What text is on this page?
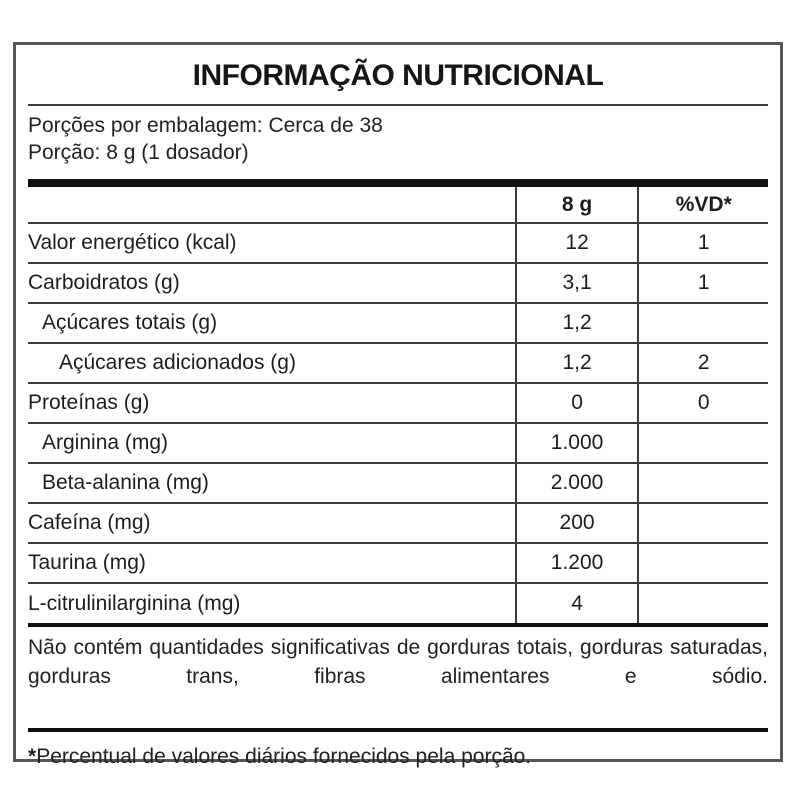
INFORMAÇÃO NUTRICIONAL

Porções por embalagem: Cerca de 38

Porção: 8 g (1 dosador)

	8 g	%VD*
Valor energético (kcal)	12	1
Carboidratos (g)	3,1	1
Açúcares totais (g)	1,2	
Açúcares adicionados (g)	1,2	2
Proteínas (g)	0	0
Arginina (mg)	1.000	
Beta-alanina (mg)	2.000	
Cafeína (mg)	200	
Taurina (mg)	1.200	
L-citrulinilarginina (mg)	4	

Não contém quantidades significativas de gorduras totais, gorduras saturadas, gorduras trans, fibras alimentares e sódio.

*Percentual de valores diários fornecidos pela porção.
